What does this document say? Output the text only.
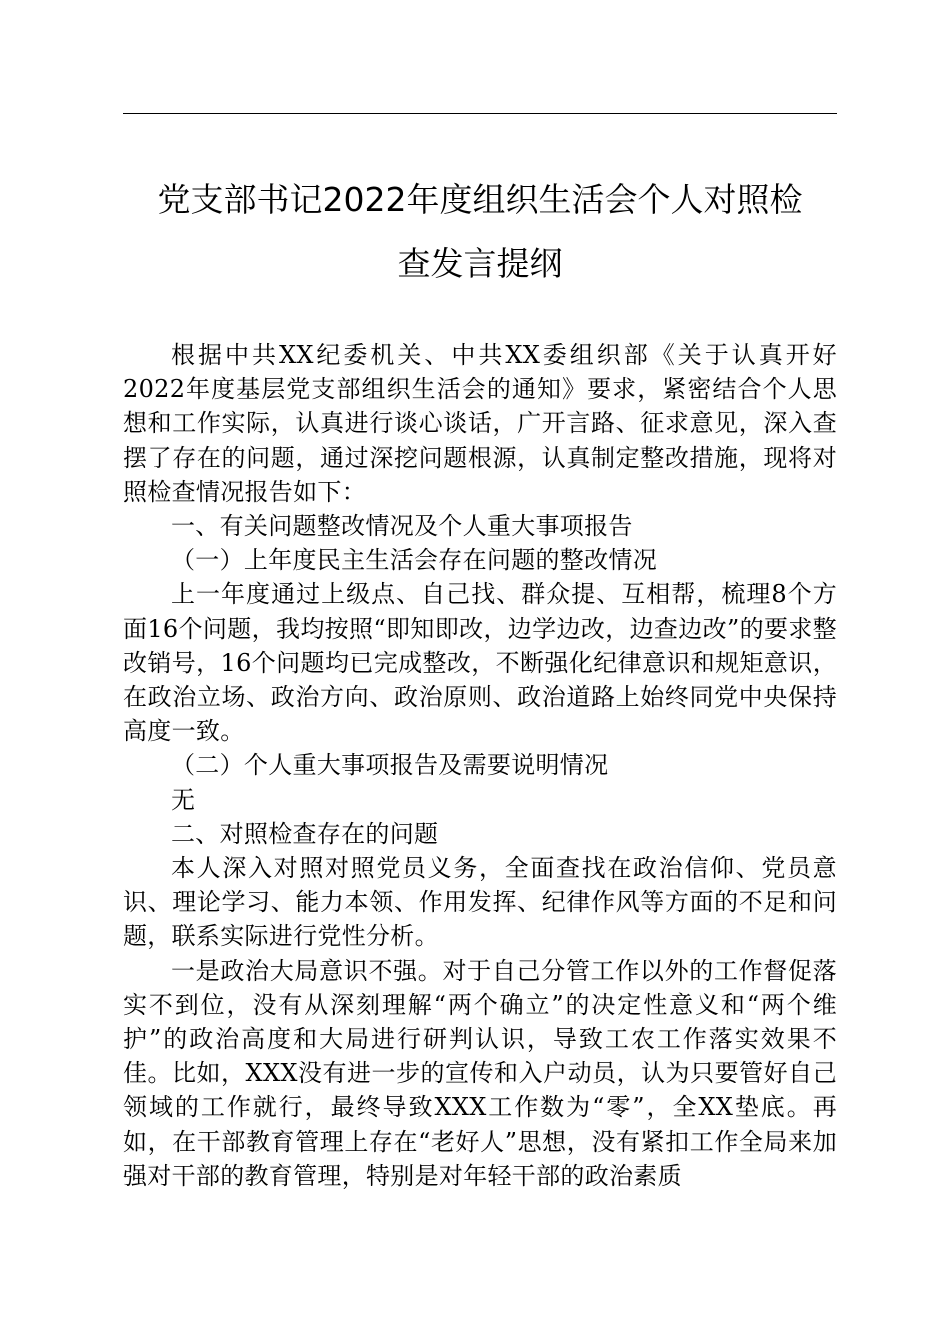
党支部书记2022年度组织生活会个人对照检
查发言提纲

根据中共XX纪委机关、中共XX委组织部《关于认真开好2022年度基层党支部组织生活会的通知》要求，紧密结合个人思想和工作实际，认真进行谈心谈话，广开言路、征求意见，深入查摆了存在的问题，通过深挖问题根源，认真制定整改措施，现将对照检查情况报告如下：

一、有关问题整改情况及个人重大事项报告

（一）上年度民主生活会存在问题的整改情况

上一年度通过上级点、自己找、群众提、互相帮，梳理8个方面16个问题，我均按照“即知即改，边学边改，边查边改”的要求整改销号，16个问题均已完成整改，不断强化纪律意识和规矩意识，在政治立场、政治方向、政治原则、政治道路上始终同党中央保持高度一致。

（二）个人重大事项报告及需要说明情况

无

二、对照检查存在的问题

本人深入对照对照党员义务，全面查找在政治信仰、党员意识、理论学习、能力本领、作用发挥、纪律作风等方面的不足和问题，联系实际进行党性分析。

一是政治大局意识不强。对于自己分管工作以外的工作督促落实不到位，没有从深刻理解“两个确立”的决定性意义和“两个维护”的政治高度和大局进行研判认识，导致工农工作落实效果不佳。比如，XXX没有进一步的宣传和入户动员，认为只要管好自己领域的工作就行，最终导致XXX工作数为“零”，全XX垫底。再如，在干部教育管理上存在“老好人”思想，没有紧扣工作全局来加强对干部的教育管理，特别是对年轻干部的政治素质
